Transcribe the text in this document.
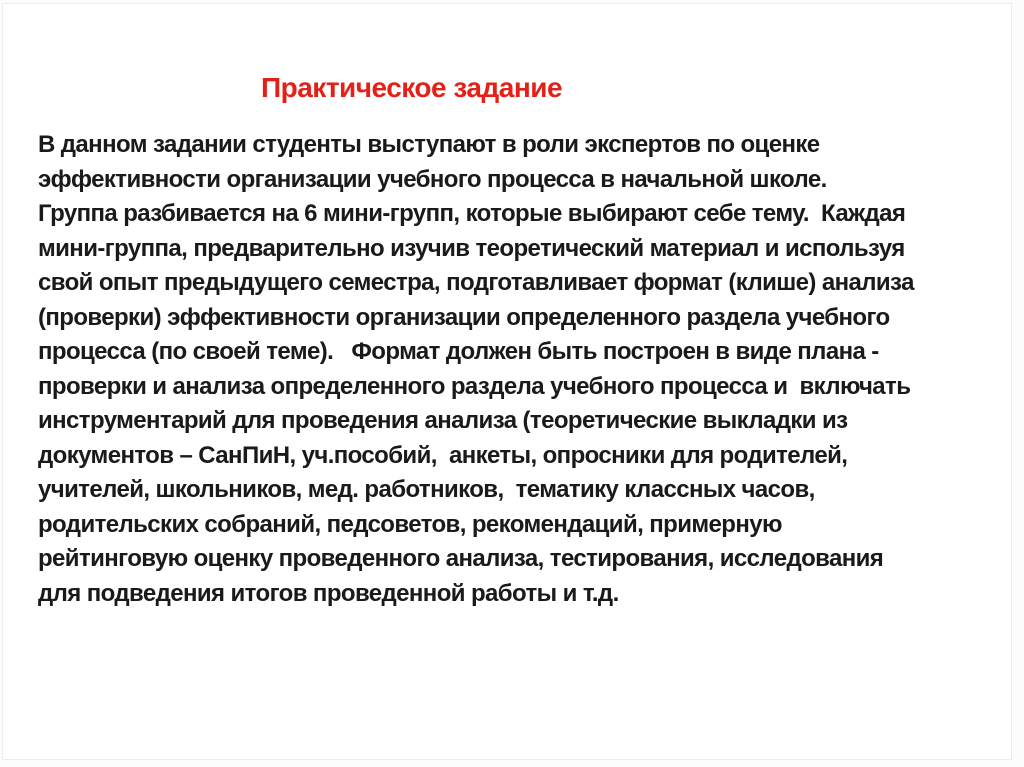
Практическое задание
В данном задании студенты выступают в роли экспертов по оценке
эффективности организации учебного процесса в начальной школе.
Группа разбивается на 6 мини-групп, которые выбирают себе тему.  Каждая
мини-группа, предварительно изучив теоретический материал и используя
свой опыт предыдущего семестра, подготавливает формат (клише) анализа
(проверки) эффективности организации определенного раздела учебного
процесса (по своей теме).   Формат должен быть построен в виде плана -
проверки и анализа определенного раздела учебного процесса и  включать
инструментарий для проведения анализа (теоретические выкладки из
документов – СанПиН, уч.пособий,  анкеты, опросники для родителей,
учителей, школьников, мед. работников,  тематику классных часов,
родительских собраний, педсоветов, рекомендаций, примерную
рейтинговую оценку проведенного анализа, тестирования, исследования
для подведения итогов проведенной работы и т.д.
